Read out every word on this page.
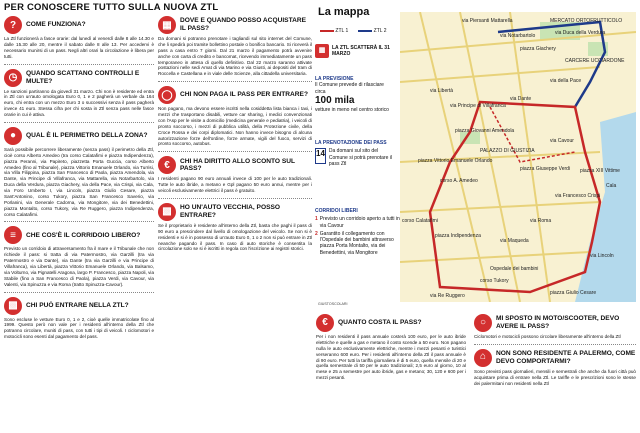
PER CONOSCERE TUTTO SULLA NUOVA ZTL
?	COME FUNZIONA?
La Ztl funzionerà a fasce orarie: dal lunedì al venerdì dalle 8 alle 14.30 e dalle 15.30 alle 20, mentre il sabato dalle 8 alle 13. Per accedervi è necessario munirsi di un pass. Negli altri orari la circolazione è libera per tutti.
◷	QUANDO SCATTANO CONTROLLI E MULTE?
Le sanzioni partiranno da giovedì 31 marzo. Chi non è residente ed entra in Ztl con un'auto omologata Euro 0, 1 e 2 pagherà un verbale da 164 euro, chi entra con un mezzo Euro 3 o successivi senza il pass pagherà invece 41 euro. Stessa cifra per chi sosta in Ztl senza pass nelle fasce orarie in cui è attiva.
●	QUAL È IL PERIMETRO DELLA ZONA?
Sarà possibile percorrere liberamente (senza pass) il perimetro della Ztl, cioè corso Alberto Amedeo (tra corso Calatafimi e piazza Indipendenza), piazza Peranni, via Papireto, piazzetta Porta Guccia, corso Alberto Amedeo (fino al Tribunale), piazza Vittorio Emanuele Orlando, via Turrisi, via Villa Filippina, piazza San Francesco di Paola, piazza Amendola, via Dante, via Principe di Villafranca, via Mattarella, via Notarbartolo, via Duca della Verdura, piazza Giachery, via della Pace, via Crispi, via Cala, via Foro Umberto I, via Lincoln, piazza Giulio Cesare, piazza Sant'Antonino, corso Tukory, piazza San Francesco Saverio, via Porlanini, via Generale Cadorna, via Mongitore, via dei Benedettini, piazza Montalto, corso Tukory, via Re Ruggero, piazza Indipendenza, corso Calatafimi.
≡	CHE COS'È IL CORRIDOIO LIBERO?
Previsto un corridoio di attraversamento fra il mare e il Tribunale che non richiede il pass: si tratta di via Patermostro, via Garzilli (tra via Patermostro e via Dante), via Dante (tra via Garzilli e via Principe di Villafranca), via Libertà, piazza Vittorio Emanuele Orlando, via Balsamo, via Volturno, via Pignatelli Aragona, largo P. Francesco, piazza Napoli, via Stabile (fino a San Francesco di Paola), piazza Verdi, via Cavour, via Valenti, via Spinuzza e via Roma (tratto Spinuzza-Cavour).
▩	CHI PUÒ ENTRARE NELLA ZTL?
Sono escluse le vetture Euro 0, 1 e 2, cioè quelle immatricolate fino al 1999. Questo però non vale per i residenti all'interno della Ztl che potranno circolare, muniti di pass, con tutti i tipi di veicoli. I ciclomotori e motocicli sono esenti dal pagamento del pass.
▦	DOVE E QUANDO POSSO ACQUISTARE IL PASS?
Da domani si potranno prenotare i tagliandi sul sito internet del Comune, che li spedirà poi tramite bollettino postale o bonifico bancario. Si riceverà il pass a casa entro 7 giorni. Dal 21 marzo il pagamento potrà avvenire anche con carta di credito e bancomat, ricevendo immediatamente un pass temporaneo in attesa di quello definitivo. Dal 22 marzo saranno attivate postazioni nelle sedi Amat di via Marino e via Giusti, ai depositi del tram di Roccella e Castellana e in viale delle Scienze, alla cittadella universitaria.
◯	CHI NON PAGA IL PASS PER ENTRARE?
Non pagano, ma devono essere iscritti nella cosiddetta lista bianca i taxi, i mezzi che trasportano disabili, vetture car sharing, i medici convenzionati con l'Asp per le visite a domicilio (medicina generale e pediatria), i veicoli di pronto soccorso, i mezzi di pubblica utilità, della Protezione civile, della Croce Rossa e dei corpi diplomatici. Non hanno invece bisogno di alcuna autorizzazione forze dell'ordine, forze armate, vigili del fuoco, servizi di pronto soccorso, autobus.
€	CHI HA DIRITTO ALLO SCONTO SUL PASS?
I residenti pagano 90 euro annuali invece di 100 per le auto tradizionali. Tutte le auto ibride, a metano e Gpl pagano 50 euro annui, mentre per i veicoli esclusivamente elettrici il pass è gratuito.
▩	HO UN'AUTO VECCHIA, POSSO ENTRARE?
Se il proprietario è residente all'interno della Ztl, basta che paghi il pass di 90 euro a prescindere dal livello di omologazione del veicolo. Se non si è residenti e si è in possesso di un'auto Euro 0, 1 o 2 non si può entrare in Ztl neanche pagando il pass. In caso di auto storiche è consentita la circolazione solo se si è iscritti in regola con l'iscrizione ai registri storici.
La mappa
via Piersanti Mattarella	MERCATO ORTOFRUTTICOLO
via Notarbartolo	via Duca della Verdura
piazza Giachery
CARCERE UCCIARDONE
via della Pace
via Principe di Villafranca
via Libertà
via Dante
piazza Giovanni Amendola
piazza Vittorio Emanuele Orlando
PALAZZO DI GIUSTIZIA
piazza Giuseppe Verdi
via Cavour
corso A. Amedeo
corso Calatafimi
piazza Indipendenza
Ospedale dei bambini
corso Tukory
via Re Ruggero
piazza XIII Vittime
Cala
via Lincoln
piazza Giulio Cesare
via Francesco Crispi
via Roma
via Maqueda
ZTL 1	ZTL 2
▦	LA ZTL SCATTERÀ IL 31 MARZO
LA PREVISIONE
Il Comune prevede di rilasciare circa
100 mila
vetture in meno nel centro storico
LA PRENOTAZIONE DEI PASS
14 Da domani sul sito del Comune si potrà prenotare il pass Ztl
CORRIDOI LIBERI
1 Previsto un corridoio aperto a tutti in via Cavour
2 Garantito il collegamento con l'Ospedale dei bambini attraverso piazza Porta Montalto, via dei Benedettini, via Mongitore
GIUSTOSCOLARI
€	QUANTO COSTA IL PASS?
Per i non residenti il pass annuale costerà 100 euro, per le auto ibride elettriche e quelle a gas e metano il costo scende a 50 euro. Non pagano nulla le auto esclusivamente elettriche, mentre i mezzi pesanti e turistici verseranno 600 euro. Per i residenti all'interno della Ztl il pass annuale è di 90 euro. Per tutti la tariffa giornaliera è di 5 euro, quella mensile di 20 e quella semestrale di 50 per le auto tradizionali; 2,5 euro al giorno, 10 al mese e 25 a semestre per auto ibride, gas e metano; 30, 120 e 600 per i mezzi pesanti.
○	MI SPOSTO IN MOTO/SCOOTER, DEVO AVERE IL PASS?
Ciclomotori e motocicli possono circolare liberamente all'interno della Ztl
⌂	NON SONO RESIDENTE A PALERMO, COME DEVO COMPORTARMI?
Sono previsti pass giornalieri, mensili e semestrali che anche da fuori città può acquistare prima di entrare nella Ztl. Le tariffe e le prescrizioni sono le stesse dei palermitani non residenti nella Ztl
